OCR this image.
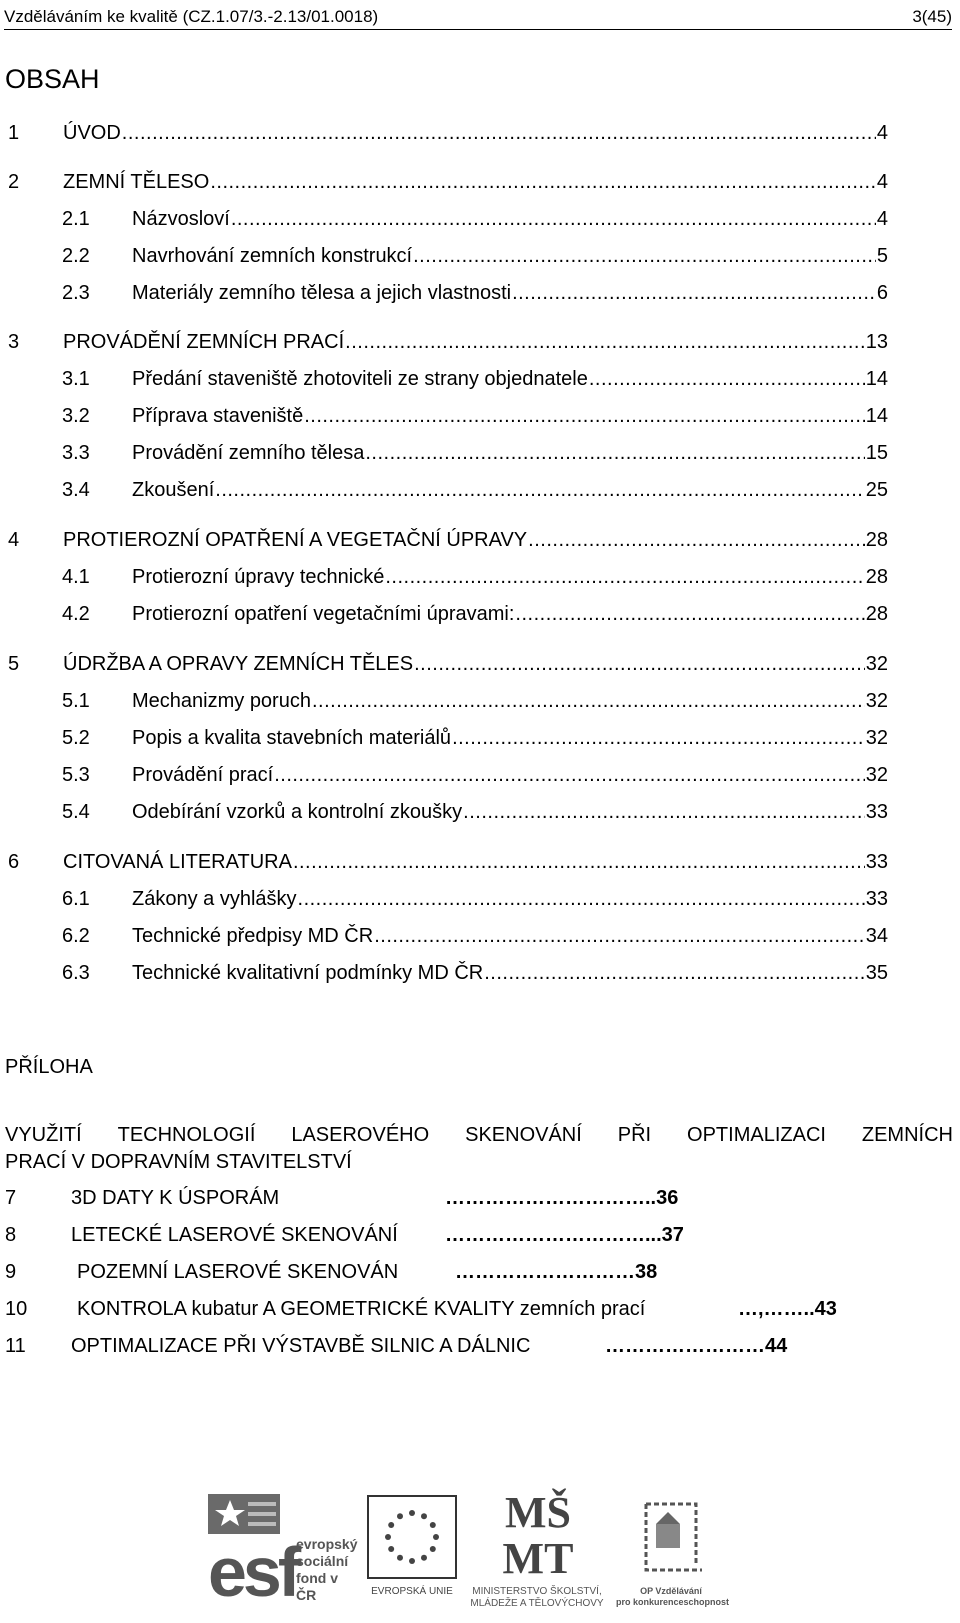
Vzděláváním ke kvalitě (CZ.1.07/3.-2.13/01.0018)	3(45)
OBSAH
1 ÚVOD .....	4
2 ZEMNÍ TĚLESO .....	4
2.1 Názvosloví .....	4
2.2 Navrhování zemních konstrukcí .....	5
2.3 Materiály zemního tělesa a jejich vlastnosti .....	6
3 PROVÁDĚNÍ ZEMNÍCH PRACÍ .....	13
3.1 Předání staveniště zhotoviteli ze strany objednatele .....	14
3.2 Příprava staveniště .....	14
3.3 Provádění zemního tělesa .....	15
3.4 Zkoušení .....	25
4 PROTIEROZNÍ OPATŘENÍ A VEGETAČNÍ ÚPRAVY .....	28
4.1 Protierozní úpravy technické .....	28
4.2 Protierozní opatření vegetačními úpravami: .....	28
5 ÚDRŽBA A OPRAVY ZEMNÍCH TĚLES .....	32
5.1 Mechanizmy poruch .....	32
5.2 Popis a kvalita stavebních materiálů .....	32
5.3 Provádění prací .....	32
5.4 Odebírání vzorků a kontrolní zkoušky .....	33
6 CITOVANÁ LITERATURA .....	33
6.1 Zákony a vyhlášky .....	33
6.2 Technické předpisy MD ČR .....	34
6.3 Technické kvalitativní podmínky MD ČR .....	35
PŘÍLOHA
VYUŽITÍ TECHNOLOGIÍ LASEROVÉHO SKENOVÁNÍ PŘI OPTIMALIZACI ZEMNÍCH
PRACÍ V DOPRAVNÍM STAVITELSTVÍ
7	3D DATY K ÚSPORÁM	…………………………..36
8	LETECKÉ LASEROVÉ SKENOVÁNÍ …………………………...37
9	POZEMNÍ LASEROVÉ SKENOVÁN	………………………38
10 KONTROLA kubatur A GEOMETRICKÉ KVALITY zemních prací	…,……..43
11 OPTIMALIZACE PŘI VÝSTAVBĚ SILNIC A DÁLNIC	……………………44
esf
evropský
sociální
fond v ČR	EVROPSKÁ UNIE
MŠ MT
MINISTERSTVO ŠKOLSTVÍ,
MLÁDEŽE A TĚLOVÝCHOVY
OP Vzdělávání
pro konkurenceschopnost
